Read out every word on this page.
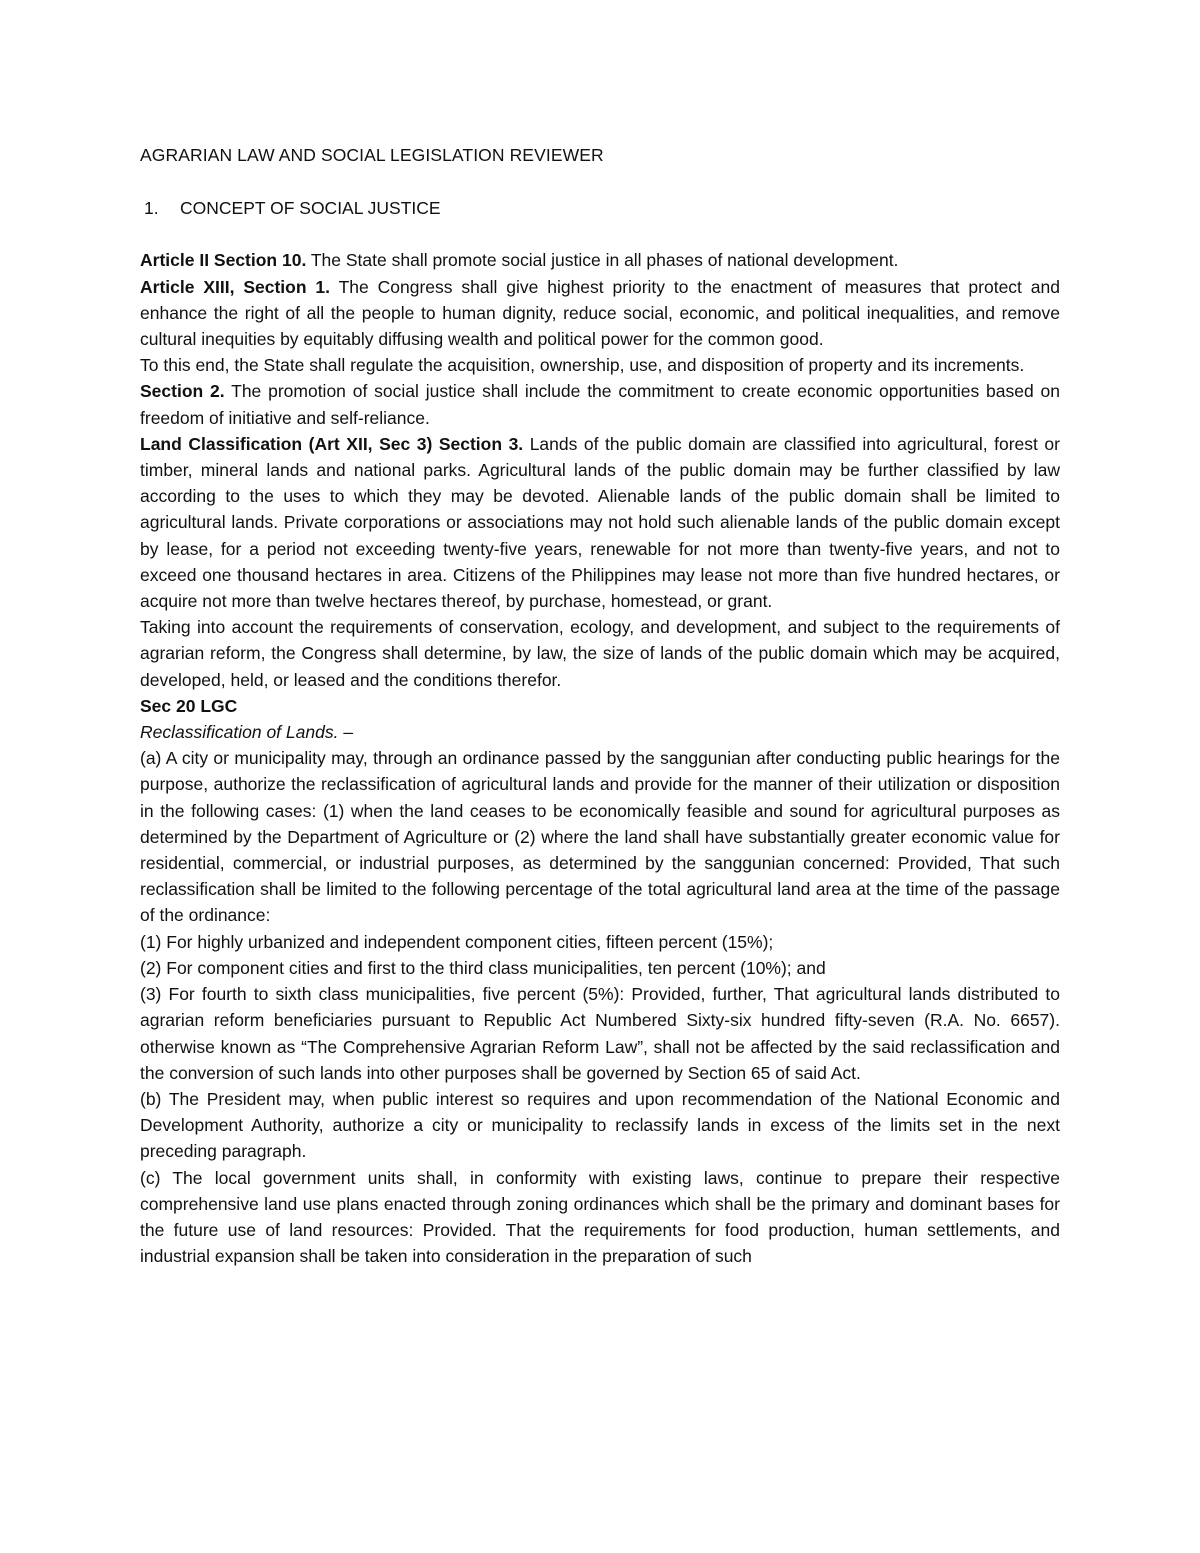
AGRARIAN LAW AND SOCIAL LEGISLATION REVIEWER

1.	CONCEPT OF SOCIAL JUSTICE

Article II Section 10. The State shall promote social justice in all phases of national development.

Article XIII, Section 1. The Congress shall give highest priority to the enactment of measures that protect and enhance the right of all the people to human dignity, reduce social, economic, and political inequalities, and remove cultural inequities by equitably diffusing wealth and political power for the common good.

To this end, the State shall regulate the acquisition, ownership, use, and disposition of property and its increments.

Section 2. The promotion of social justice shall include the commitment to create economic opportunities based on freedom of initiative and self-reliance.

Land Classification (Art XII, Sec 3) Section 3. Lands of the public domain are classified into agricultural, forest or timber, mineral lands and national parks. Agricultural lands of the public domain may be further classified by law according to the uses to which they may be devoted. Alienable lands of the public domain shall be limited to agricultural lands. Private corporations or associations may not hold such alienable lands of the public domain except by lease, for a period not exceeding twenty-five years, renewable for not more than twenty-five years, and not to exceed one thousand hectares in area. Citizens of the Philippines may lease not more than five hundred hectares, or acquire not more than twelve hectares thereof, by purchase, homestead, or grant.

Taking into account the requirements of conservation, ecology, and development, and subject to the requirements of agrarian reform, the Congress shall determine, by law, the size of lands of the public domain which may be acquired, developed, held, or leased and the conditions therefor.

Sec 20 LGC

Reclassification of Lands. –

(a) A city or municipality may, through an ordinance passed by the sanggunian after conducting public hearings for the purpose, authorize the reclassification of agricultural lands and provide for the manner of their utilization or disposition in the following cases: (1) when the land ceases to be economically feasible and sound for agricultural purposes as determined by the Department of Agriculture or (2) where the land shall have substantially greater economic value for residential, commercial, or industrial purposes, as determined by the sanggunian concerned: Provided, That such reclassification shall be limited to the following percentage of the total agricultural land area at the time of the passage of the ordinance:

(1) For highly urbanized and independent component cities, fifteen percent (15%);

(2) For component cities and first to the third class municipalities, ten percent (10%); and

(3) For fourth to sixth class municipalities, five percent (5%): Provided, further, That agricultural lands distributed to agrarian reform beneficiaries pursuant to Republic Act Numbered Sixty-six hundred fifty-seven (R.A. No. 6657). otherwise known as “The Comprehensive Agrarian Reform Law”, shall not be affected by the said reclassification and the conversion of such lands into other purposes shall be governed by Section 65 of said Act.

(b) The President may, when public interest so requires and upon recommendation of the National Economic and Development Authority, authorize a city or municipality to reclassify lands in excess of the limits set in the next preceding paragraph.

(c) The local government units shall, in conformity with existing laws, continue to prepare their respective comprehensive land use plans enacted through zoning ordinances which shall be the primary and dominant bases for the future use of land resources: Provided. That the requirements for food production, human settlements, and industrial expansion shall be taken into consideration in the preparation of such
